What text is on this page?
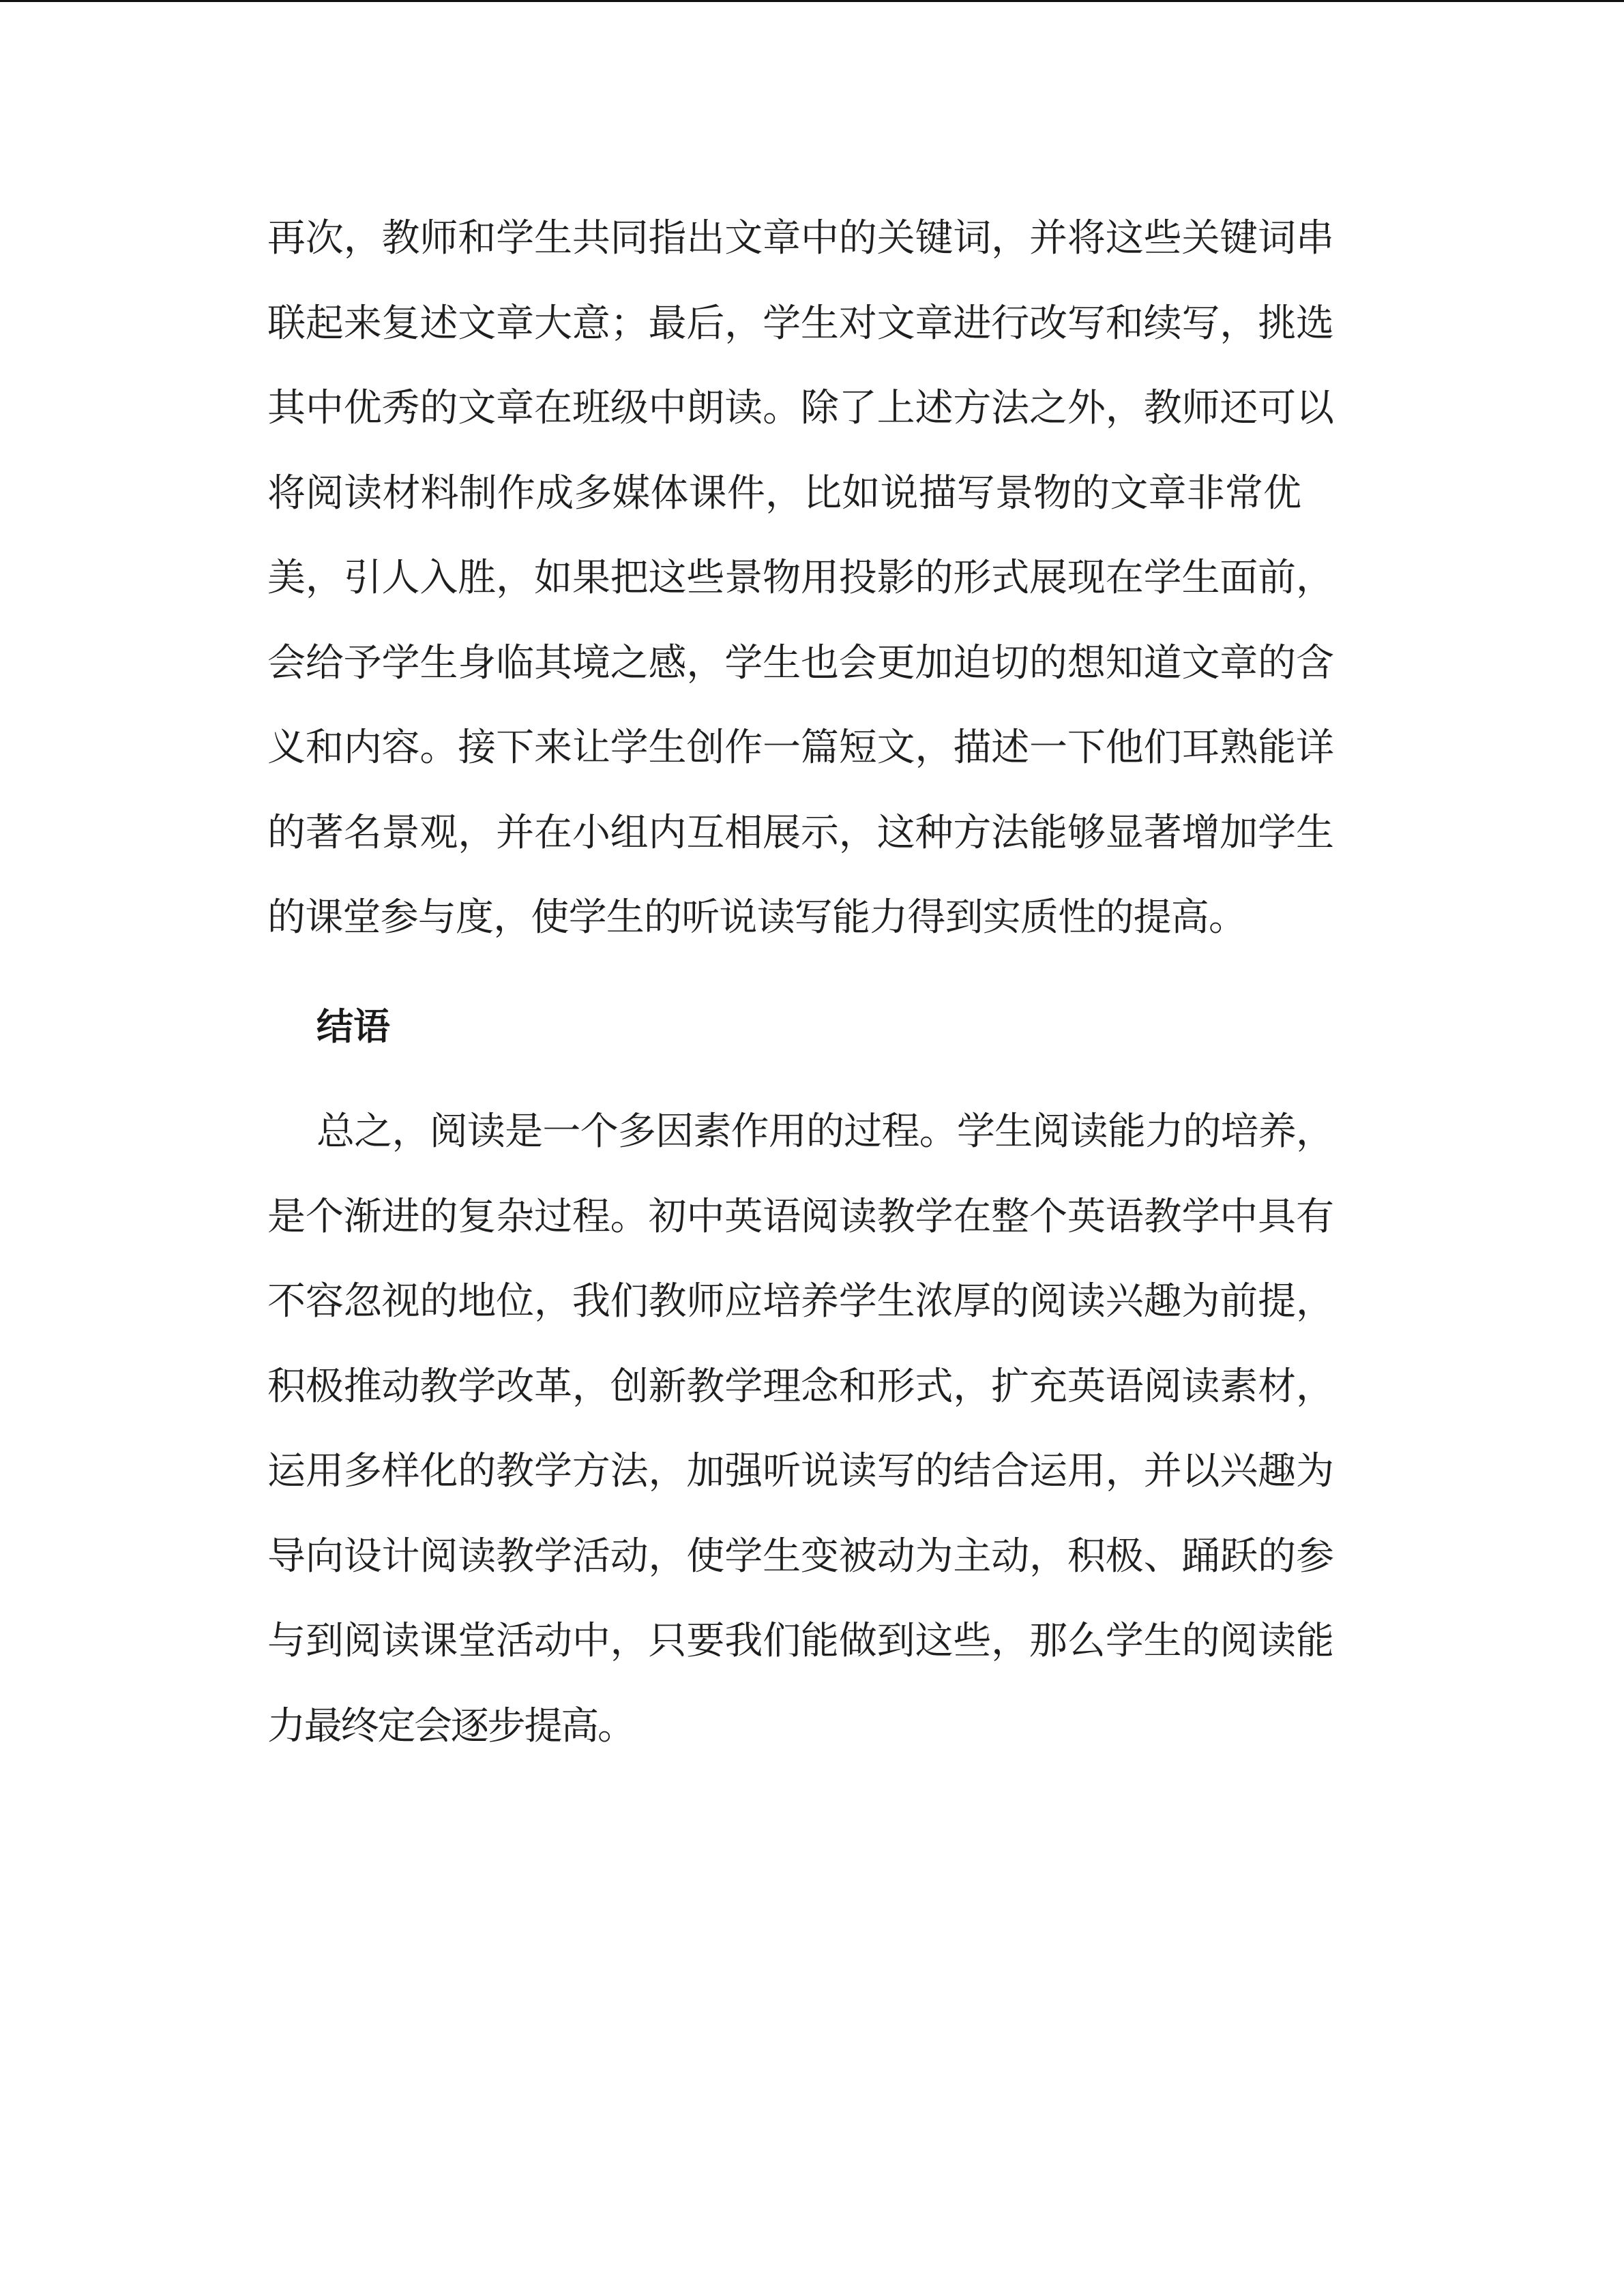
再次，教师和学生共同指出文章中的关键词，并将这些关键词串
联起来复述文章大意；最后，学生对文章进行改写和续写，挑选
其中优秀的文章在班级中朗读。除了上述方法之外，教师还可以
将阅读材料制作成多媒体课件，比如说描写景物的文章非常优
美，引人入胜，如果把这些景物用投影的形式展现在学生面前，
会给予学生身临其境之感，学生也会更加迫切的想知道文章的含
义和内容。接下来让学生创作一篇短文，描述一下他们耳熟能详
的著名景观，并在小组内互相展示，这种方法能够显著增加学生
的课堂参与度，使学生的听说读写能力得到实质性的提高。
结语
总之，阅读是一个多因素作用的过程。学生阅读能力的培养，
是个渐进的复杂过程。初中英语阅读教学在整个英语教学中具有
不容忽视的地位，我们教师应培养学生浓厚的阅读兴趣为前提，
积极推动教学改革，创新教学理念和形式，扩充英语阅读素材，
运用多样化的教学方法，加强听说读写的结合运用，并以兴趣为
导向设计阅读教学活动，使学生变被动为主动，积极、踊跃的参
与到阅读课堂活动中，只要我们能做到这些，那么学生的阅读能
力最终定会逐步提高。
